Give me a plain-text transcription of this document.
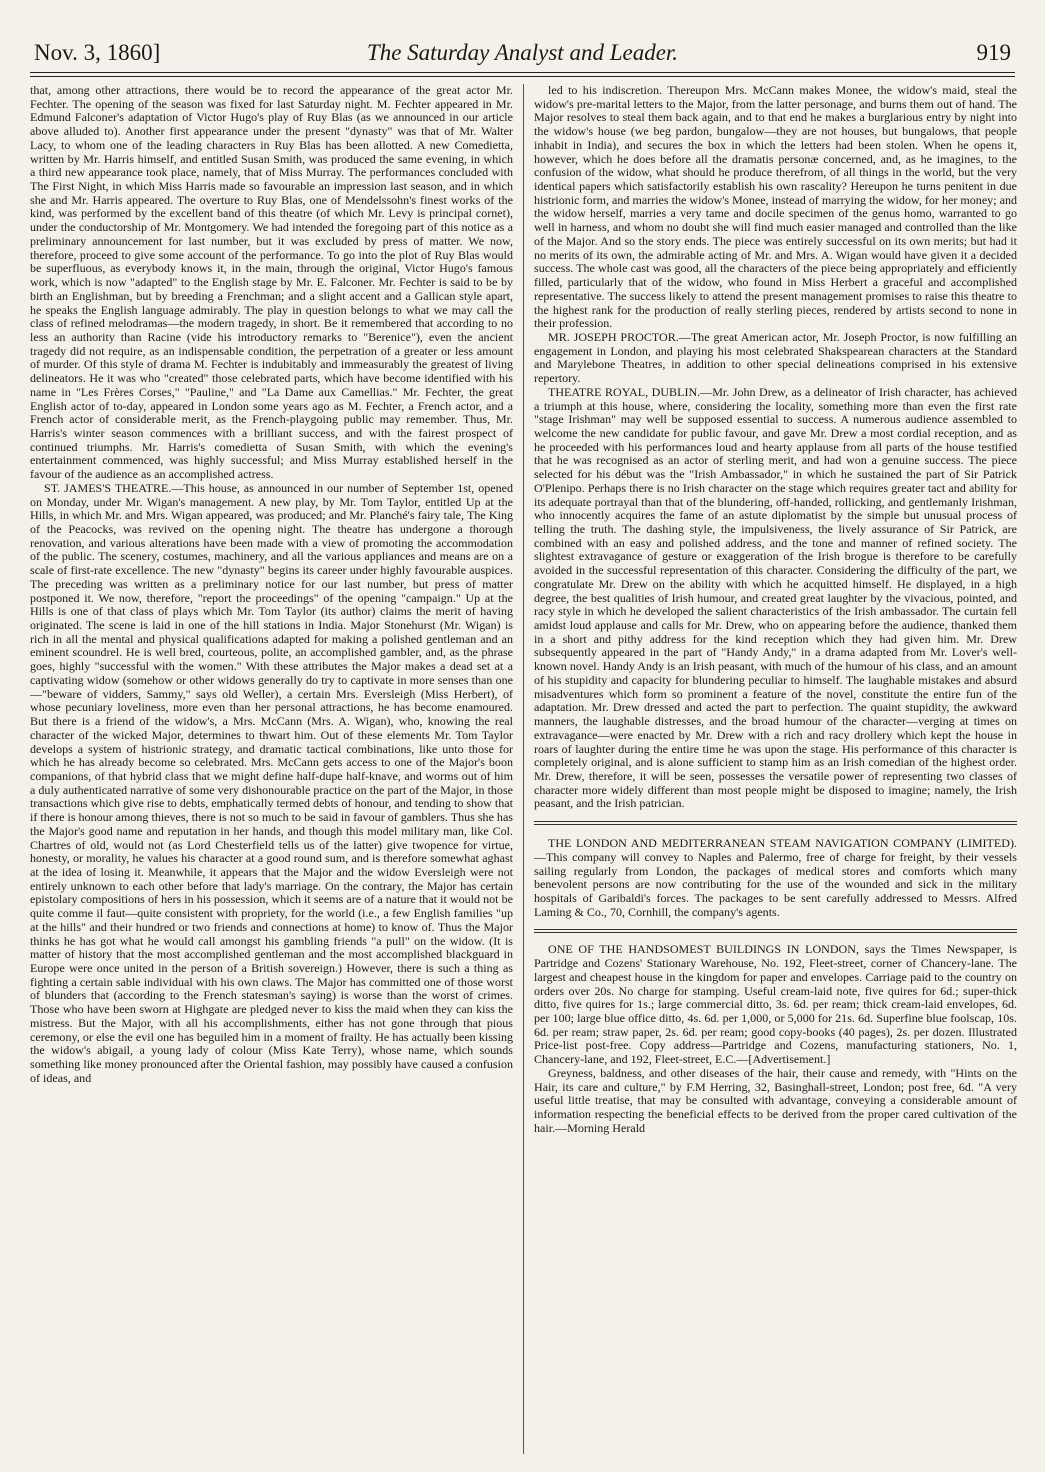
Nov. 3, 1860]	The Saturday Analyst and Leader.	919

that, among other attractions, there would be to record the appearance of the great actor Mr. Fechter. The opening of the season was fixed for last Saturday night. M. Fechter appeared in Mr. Edmund Falconer's adaptation of Victor Hugo's play of Ruy Blas (as we announced in our article above alluded to). Another first appearance under the present "dynasty" was that of Mr. Walter Lacy, to whom one of the leading characters in Ruy Blas has been allotted. A new Comedietta, written by Mr. Harris himself, and entitled Susan Smith, was produced the same evening, in which a third new appearance took place, namely, that of Miss Murray. The performances concluded with The First Night, in which Miss Harris made so favourable an impression last season, and in which she and Mr. Harris appeared. The overture to Ruy Blas, one of Mendelssohn's finest works of the kind, was performed by the excellent band of this theatre (of which Mr. Levy is principal cornet), under the conductorship of Mr. Montgomery. We had intended the foregoing part of this notice as a preliminary announcement for last number, but it was excluded by press of matter. We now, therefore, proceed to give some account of the performance. To go into the plot of Ruy Blas would be superfluous, as everybody knows it, in the main, through the original, Victor Hugo's famous work, which is now "adapted" to the English stage by Mr. E. Falconer. Mr. Fechter is said to be by birth an Englishman, but by breeding a Frenchman; and a slight accent and a Gallican style apart, he speaks the English language admirably. The play in question belongs to what we may call the class of refined melodramas—the modern tragedy, in short. Be it remembered that according to no less an authority than Racine (vide his introductory remarks to "Berenice"), even the ancient tragedy did not require, as an indispensable condition, the perpetration of a greater or less amount of murder. Of this style of drama M. Fechter is indubitably and immeasurably the greatest of living delineators. He it was who "created" those celebrated parts, which have become identified with his name in "Les Frères Corses," "Pauline," and "La Dame aux Camellias." Mr. Fechter, the great English actor of to-day, appeared in London some years ago as M. Fechter, a French actor, and a French actor of considerable merit, as the French-playgoing public may remember. Thus, Mr. Harris's winter season commences with a brilliant success, and with the fairest prospect of continued triumphs. Mr. Harris's comedietta of Susan Smith, with which the evening's entertainment commenced, was highly successful; and Miss Murray established herself in the favour of the audience as an accomplished actress.

ST. JAMES'S THEATRE.—This house, as announced in our number of September 1st, opened on Monday, under Mr. Wigan's management. A new play, by Mr. Tom Taylor, entitled Up at the Hills, in which Mr. and Mrs. Wigan appeared, was produced; and Mr. Planché's fairy tale, The King of the Peacocks, was revived on the opening night. The theatre has undergone a thorough renovation, and various alterations have been made with a view of promoting the accommodation of the public. The scenery, costumes, machinery, and all the various appliances and means are on a scale of first-rate excellence. The new "dynasty" begins its career under highly favourable auspices. The preceding was written as a preliminary notice for our last number, but press of matter postponed it. We now, therefore, "report the proceedings" of the opening "campaign." Up at the Hills is one of that class of plays which Mr. Tom Taylor (its author) claims the merit of having originated. The scene is laid in one of the hill stations in India. Major Stonehurst (Mr. Wigan) is rich in all the mental and physical qualifications adapted for making a polished gentleman and an eminent scoundrel. He is well bred, courteous, polite, an accomplished gambler, and, as the phrase goes, highly "successful with the women." With these attributes the Major makes a dead set at a captivating widow (somehow or other widows generally do try to captivate in more senses than one—"beware of vidders, Sammy," says old Weller), a certain Mrs. Eversleigh (Miss Herbert), of whose pecuniary loveliness, more even than her personal attractions, he has become enamoured. But there is a friend of the widow's, a Mrs. McCann (Mrs. A. Wigan), who, knowing the real character of the wicked Major, determines to thwart him. Out of these elements Mr. Tom Taylor develops a system of histrionic strategy, and dramatic tactical combinations, like unto those for which he has already become so celebrated. Mrs. McCann gets access to one of the Major's boon companions, of that hybrid class that we might define half-dupe half-knave, and worms out of him a duly authenticated narrative of some very dishonourable practice on the part of the Major, in those transactions which give rise to debts, emphatically termed debts of honour, and tending to show that if there is honour among thieves, there is not so much to be said in favour of gamblers. Thus she has the Major's good name and reputation in her hands, and though this model military man, like Col. Chartres of old, would not (as Lord Chesterfield tells us of the latter) give twopence for virtue, honesty, or morality, he values his character at a good round sum, and is therefore somewhat aghast at the idea of losing it. Meanwhile, it appears that the Major and the widow Eversleigh were not entirely unknown to each other before that lady's marriage. On the contrary, the Major has certain epistolary compositions of hers in his possession, which it seems are of a nature that it would not be quite comme il faut—quite consistent with propriety, for the world (i.e., a few English families "up at the hills" and their hundred or two friends and connections at home) to know of. Thus the Major thinks he has got what he would call amongst his gambling friends "a pull" on the widow. (It is matter of history that the most accomplished gentleman and the most accomplished blackguard in Europe were once united in the person of a British sovereign.) However, there is such a thing as fighting a certain sable individual with his own claws. The Major has committed one of those worst of blunders that (according to the French statesman's saying) is worse than the worst of crimes. Those who have been sworn at Highgate are pledged never to kiss the maid when they can kiss the mistress. But the Major, with all his accomplishments, either has not gone through that pious ceremony, or else the evil one has beguiled him in a moment of frailty. He has actually been kissing the widow's abigail, a young lady of colour (Miss Kate Terry), whose name, which sounds something like money pronounced after the Oriental fashion, may possibly have caused a confusion of ideas, and

led to his indiscretion. Thereupon Mrs. McCann makes Monee, the widow's maid, steal the widow's pre-marital letters to the Major, from the latter personage, and burns them out of hand. The Major resolves to steal them back again, and to that end he makes a burglarious entry by night into the widow's house (we beg pardon, bungalow—they are not houses, but bungalows, that people inhabit in India), and secures the box in which the letters had been stolen. When he opens it, however, which he does before all the dramatis personæ concerned, and, as he imagines, to the confusion of the widow, what should he produce therefrom, of all things in the world, but the very identical papers which satisfactorily establish his own rascality? Hereupon he turns penitent in due histrionic form, and marries the widow's Monee, instead of marrying the widow, for her money; and the widow herself, marries a very tame and docile specimen of the genus homo, warranted to go well in harness, and whom no doubt she will find much easier managed and controlled than the like of the Major. And so the story ends. The piece was entirely successful on its own merits; but had it no merits of its own, the admirable acting of Mr. and Mrs. A. Wigan would have given it a decided success. The whole cast was good, all the characters of the piece being appropriately and efficiently filled, particularly that of the widow, who found in Miss Herbert a graceful and accomplished representative. The success likely to attend the present management promises to raise this theatre to the highest rank for the production of really sterling pieces, rendered by artists second to none in their profession.

MR. JOSEPH PROCTOR.—The great American actor, Mr. Joseph Proctor, is now fulfilling an engagement in London, and playing his most celebrated Shakspearean characters at the Standard and Marylebone Theatres, in addition to other special delineations comprised in his extensive repertory.

THEATRE ROYAL, DUBLIN.—Mr. John Drew, as a delineator of Irish character, has achieved a triumph at this house, where, considering the locality, something more than even the first rate "stage Irishman" may well be supposed essential to success. A numerous audience assembled to welcome the new candidate for public favour, and gave Mr. Drew a most cordial reception, and as he proceeded with his performances loud and hearty applause from all parts of the house testified that he was recognised as an actor of sterling merit, and had won a genuine success. The piece selected for his début was the "Irish Ambassador," in which he sustained the part of Sir Patrick O'Plenipo. Perhaps there is no Irish character on the stage which requires greater tact and ability for its adequate portrayal than that of the blundering, off-handed, rollicking, and gentlemanly Irishman, who innocently acquires the fame of an astute diplomatist by the simple but unusual process of telling the truth. The dashing style, the impulsiveness, the lively assurance of Sir Patrick, are combined with an easy and polished address, and the tone and manner of refined society. The slightest extravagance of gesture or exaggeration of the Irish brogue is therefore to be carefully avoided in the successful representation of this character. Considering the difficulty of the part, we congratulate Mr. Drew on the ability with which he acquitted himself. He displayed, in a high degree, the best qualities of Irish humour, and created great laughter by the vivacious, pointed, and racy style in which he developed the salient characteristics of the Irish ambassador. The curtain fell amidst loud applause and calls for Mr. Drew, who on appearing before the audience, thanked them in a short and pithy address for the kind reception which they had given him. Mr. Drew subsequently appeared in the part of "Handy Andy," in a drama adapted from Mr. Lover's well-known novel. Handy Andy is an Irish peasant, with much of the humour of his class, and an amount of his stupidity and capacity for blundering peculiar to himself. The laughable mistakes and absurd misadventures which form so prominent a feature of the novel, constitute the entire fun of the adaptation. Mr. Drew dressed and acted the part to perfection. The quaint stupidity, the awkward manners, the laughable distresses, and the broad humour of the character—verging at times on extravagance—were enacted by Mr. Drew with a rich and racy drollery which kept the house in roars of laughter during the entire time he was upon the stage. His performance of this character is completely original, and is alone sufficient to stamp him as an Irish comedian of the highest order. Mr. Drew, therefore, it will be seen, possesses the versatile power of representing two classes of character more widely different than most people might be disposed to imagine; namely, the Irish peasant, and the Irish patrician.

THE LONDON AND MEDITERRANEAN STEAM NAVIGATION COMPANY (LIMITED).—This company will convey to Naples and Palermo, free of charge for freight, by their vessels sailing regularly from London, the packages of medical stores and comforts which many benevolent persons are now contributing for the use of the wounded and sick in the military hospitals of Garibaldi's forces. The packages to be sent carefully addressed to Messrs. Alfred Laming & Co., 70, Cornhill, the company's agents.

ONE OF THE HANDSOMEST BUILDINGS IN LONDON, says the Times Newspaper, is Partridge and Cozens' Stationary Warehouse, No. 192, Fleet-street, corner of Chancery-lane. The largest and cheapest house in the kingdom for paper and envelopes. Carriage paid to the country on orders over 20s. No charge for stamping. Useful cream-laid note, five quires for 6d.; super-thick ditto, five quires for 1s.; large commercial ditto, 3s. 6d. per ream; thick cream-laid envelopes, 6d. per 100; large blue office ditto, 4s. 6d. per 1,000, or 5,000 for 21s. 6d. Superfine blue foolscap, 10s. 6d. per ream; straw paper, 2s. 6d. per ream; good copy-books (40 pages), 2s. per dozen. Illustrated Price-list post-free. Copy address—Partridge and Cozens, manufacturing stationers, No. 1, Chancery-lane, and 192, Fleet-street, E.C.—[Advertisement.]

Greyness, baldness, and other diseases of the hair, their cause and remedy, with "Hints on the Hair, its care and culture," by F.M Herring, 32, Basinghall-street, London; post free, 6d. "A very useful little treatise, that may be consulted with advantage, conveying a considerable amount of information respecting the beneficial effects to be derived from the proper cared cultivation of the hair.—Morning Herald
